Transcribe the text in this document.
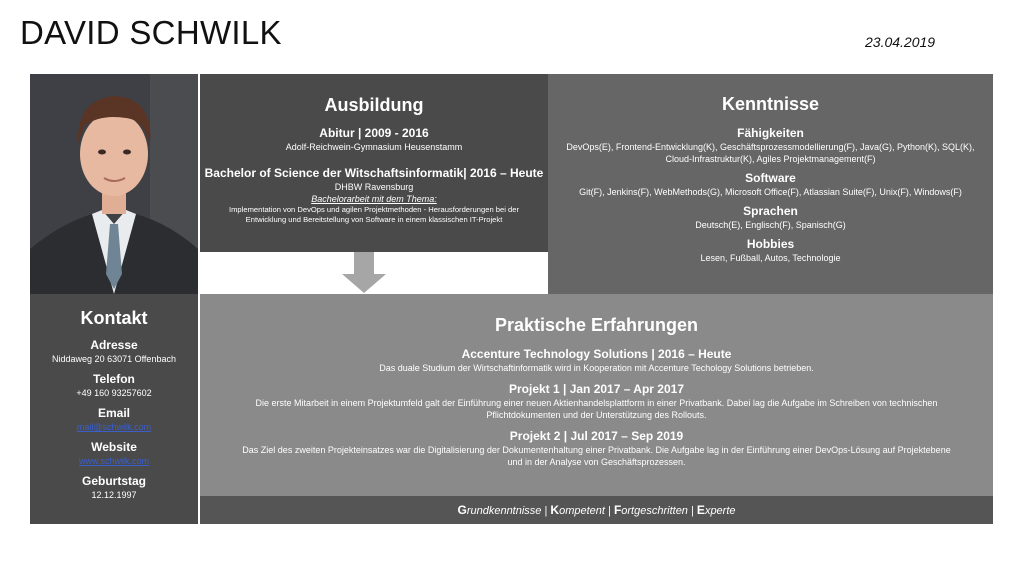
DAVID SCHWILK	23.04.2019
Ausbildung
Abitur | 2009 - 2016
Adolf-Reichwein-Gymnasium Heusenstamm
Bachelor of Science der Witschaftsinformatik| 2016 – Heute
DHBW Ravensburg
Bachelorarbeit mit dem Thema:
Implementation von DevOps und agilen Projektmethoden - Herausforderungen bei der
Entwicklung und Bereitstellung von Software in einem klassischen IT-Projekt
Kenntnisse
Fähigkeiten
DevOps(E), Frontend-Entwicklung(K), Geschäftsprozessmodellierung(F), Java(G), Python(K), SQL(K),
Cloud-Infrastruktur(K), Agiles Projektmanagement(F)
Software
Git(F), Jenkins(F), WebMethods(G), Microsoft Office(F), Atlassian Suite(F), Unix(F), Windows(F)
Sprachen
Deutsch(E), Englisch(F), Spanisch(G)
Hobbies
Lesen, Fußball, Autos, Technologie
Kontakt
Adresse
Niddaweg 20 63071 Offenbach
Telefon
+49 160 93257602
Email
mail@schwilk.com
Website
www.schwilk.com
Geburtstag
12.12.1997
Praktische Erfahrungen
Accenture Technology Solutions | 2016 – Heute
Das duale Studium der Wirtschaftinformatik wird in Kooperation mit Accenture Techology Solutions betrieben.
Projekt 1 | Jan 2017 – Apr 2017
Die erste Mitarbeit in einem Projektumfeld galt der Einführung einer neuen Aktienhandelsplattform in einer Privatbank. Dabei lag die Aufgabe im Schreiben von technischen
Pflichtdokumenten und der Unterstützung des Rollouts.
Projekt 2 | Jul 2017 – Sep 2019
Das Ziel des zweiten Projekteinsatzes war die Digitalisierung der Dokumentenhaltung einer Privatbank. Die Aufgabe lag in der Einführung einer DevOps-Lösung auf Projektebene
und in der Analyse von Geschäftsprozessen.
Grundkenntnisse | Kompetent | Fortgeschritten | Experte
